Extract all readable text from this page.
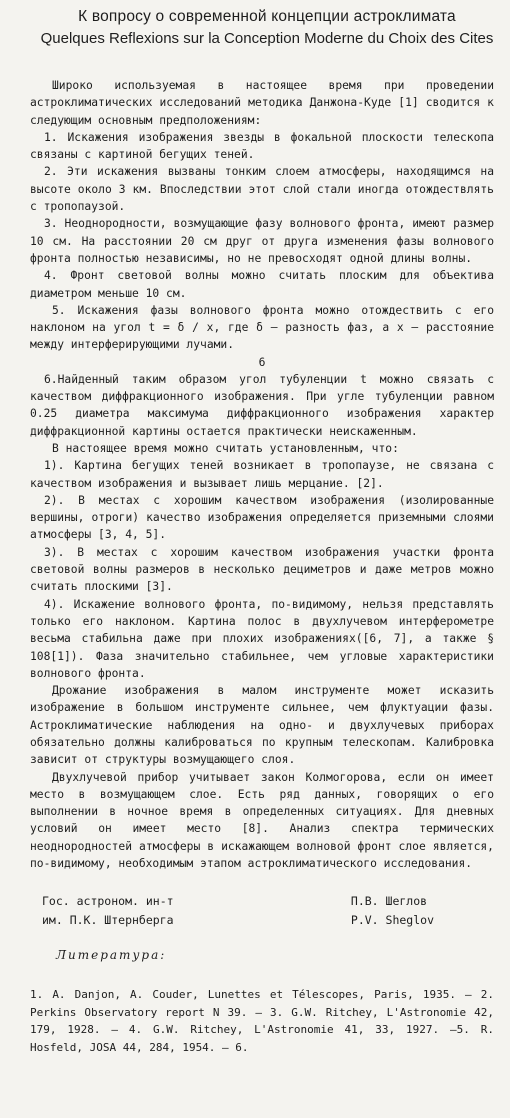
К вопросу о современной концепции астроклимата
Quelques Reflexions sur la Conception Moderne du Choix des Cites

Широко используемая в настоящее время при проведении астроклиматических исследований методика Данжона-Куде [1] сводится к следующим основным предположениям:

1. Искажения изображения звезды в фокальной плоскости телескопа связаны с картиной бегущих теней.

2. Эти искажения вызваны тонким слоем атмосферы, находящимся на высоте около 3 км. Впоследствии этот слой стали иногда отождествлять с тропопаузой.

3. Неоднородности, возмущающие фазу волнового фронта, имеют размер 10 см. На расстоянии 20 см друг от друга изменения фазы волнового фронта полностью независимы, но не превосходят одной длины волны.

4. Фронт световой волны можно считать плоским для объектива диаметром меньше 10 см.

5. Искажения фазы волнового фронта можно отождествить с его наклоном на угол t = δ / x, где δ – разность фаз, а x – расстояние между интерферирующими лучами.

6

6.Найденный таким образом угол тубуленции t можно связать с качеством диффракционного изображения. При угле тубуленции равном 0.25 диаметра максимума диффракционного изображения характер диффракционной картины остается практически неискаженным.

В настоящее время можно считать установленным, что:

1). Картина бегущих теней возникает в тропопаузе, не связана с качеством изображения и вызывает лишь мерцание. [2].

2). В местах с хорошим качеством изображения (изолированные вершины, отроги) качество изображения определяется приземными слоями атмосферы [3, 4, 5].

3). В местах с хорошим качеством изображения участки фронта световой волны размеров в несколько дециметров и даже метров можно считать плоскими [3].

4). Искажение волнового фронта, по-видимому, нельзя представлять только его наклоном. Картина полос в двухлучевом интерферометре весьма стабильна даже при плохих изображениях([6, 7], а также § 108[1]). Фаза значительно стабильнее, чем угловые характеристики волнового фронта.

Дрожание изображения в малом инструменте может исказить изображение в большом инструменте сильнее, чем флуктуации фазы. Астроклиматические наблюдения на одно- и двухлучевых приборах обязательно должны калиброваться по крупным телескопам. Калибровка зависит от структуры возмущающего слоя.

Двухлучевой прибор учитывает закон Колмогорова, если он имеет место в возмущающем слое. Есть ряд данных, говорящих о его выполнении в ночное время в определенных ситуациях. Для дневных условий он имеет место [8]. Анализ спектра термических неоднородностей атмосферы в искажающем волновой фронт слое является, по-видимому, необходимым этапом астроклиматического исследования.

Гос. астроном. ин-т
им. П.К. Штернберга
П.В. Шеглов
P.V. Sheglov
Литература:

1. A. Danjon, A. Couder, Lunettes et Télescopes, Paris, 1935. – 2. Perkins Observatory report N 39. – 3. G.W. Ritchey, L'Astronomie 42, 179, 1928. – 4. G.W. Ritchey, L'Astronomie 41, 33, 1927. –5. R. Hosfeld, JOSA 44, 284, 1954. – 6.
